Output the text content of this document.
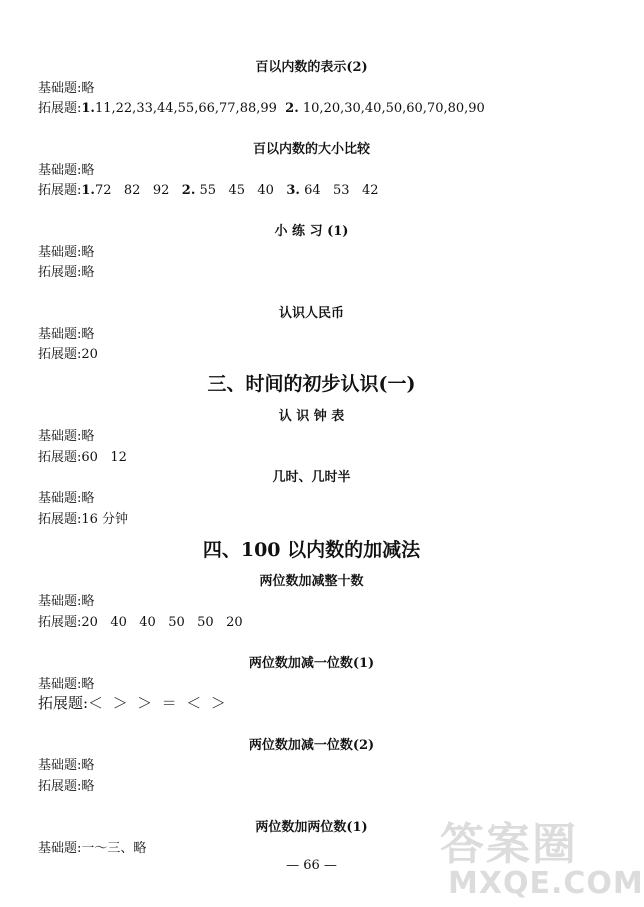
百以内数的表示(2)
基础题:略
拓展题:1.11,22,33,44,55,66,77,88,99 2. 10,20,30,40,50,60,70,80,90
百以内数的大小比较
基础题:略
拓展题:1.72   82   92 2. 55   45   40 3. 64   53   42
小 练 习 (1)
基础题:略
拓展题:略
认识人民币
基础题:略
拓展题:20
三、时间的初步认识(一)
认 识 钟 表
基础题:略
拓展题:60   12
几时、几时半
基础题:略
拓展题:16 分钟
四、100 以内数的加减法
两位数加减整十数
基础题:略
拓展题:20   40   40   50   50   20
两位数加减一位数(1)
基础题:略
拓展题:＜  ＞  ＞  ＝  ＜  ＞
两位数加减一位数(2)
基础题:略
拓展题:略
两位数加两位数(1)
基础题:一～三、略
— 66 —	答案圈
MXQE.COM
